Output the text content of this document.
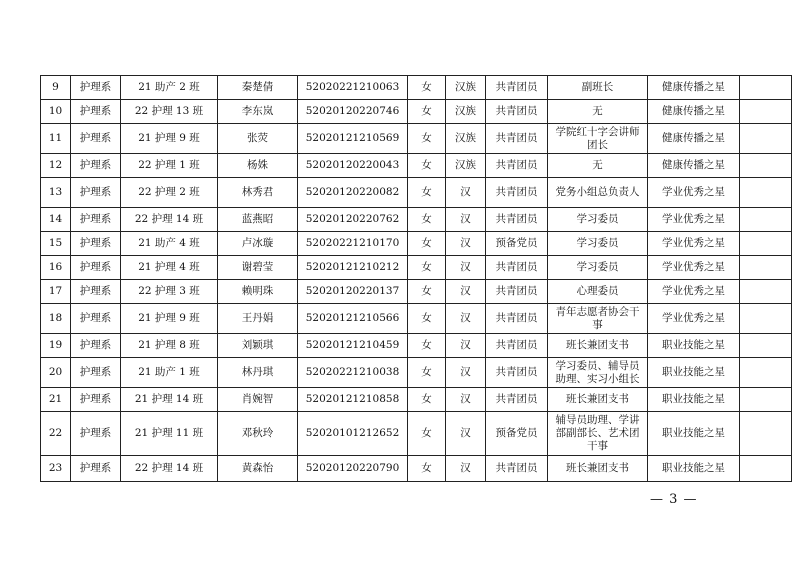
9	护理系	21 助产 2 班	秦楚倩	52020221210063	女	汉族	共青团员	副班长	健康传播之星	
10	护理系	22 护理 13 班	李东岚	52020120220746	女	汉族	共青团员	无	健康传播之星	
11	护理系	21 护理 9 班	张荧	52020121210569	女	汉族	共青团员	学院红十字会讲师团长	健康传播之星	
12	护理系	22 护理 1 班	杨姝	52020120220043	女	汉族	共青团员	无	健康传播之星	
13	护理系	22 护理 2 班	林秀君	52020120220082	女	汉	共青团员	党务小组总负责人	学业优秀之星	
14	护理系	22 护理 14 班	蓝燕昭	52020120220762	女	汉	共青团员	学习委员	学业优秀之星	
15	护理系	21 助产 4 班	卢冰璇	52020221210170	女	汉	预备党员	学习委员	学业优秀之星	
16	护理系	21 护理 4 班	谢碧莹	52020121210212	女	汉	共青团员	学习委员	学业优秀之星	
17	护理系	22 护理 3 班	赖明珠	52020120220137	女	汉	共青团员	心理委员	学业优秀之星	
18	护理系	21 护理 9 班	王丹娟	52020121210566	女	汉	共青团员	青年志愿者协会干事	学业优秀之星	
19	护理系	21 护理 8 班	刘颖琪	52020121210459	女	汉	共青团员	班长兼团支书	职业技能之星	
20	护理系	21 助产 1 班	林丹琪	52020221210038	女	汉	共青团员	学习委员、辅导员助理、实习小组长	职业技能之星	
21	护理系	21 护理 14 班	肖婉智	52020121210858	女	汉	共青团员	班长兼团支书	职业技能之星	
22	护理系	21 护理 11 班	邓秋玲	52020101212652	女	汉	预备党员	辅导员助理、学讲部副部长、艺术团干事	职业技能之星	
23	护理系	22 护理 14 班	黄森怡	52020120220790	女	汉	共青团员	班长兼团支书	职业技能之星	
— 3 —
